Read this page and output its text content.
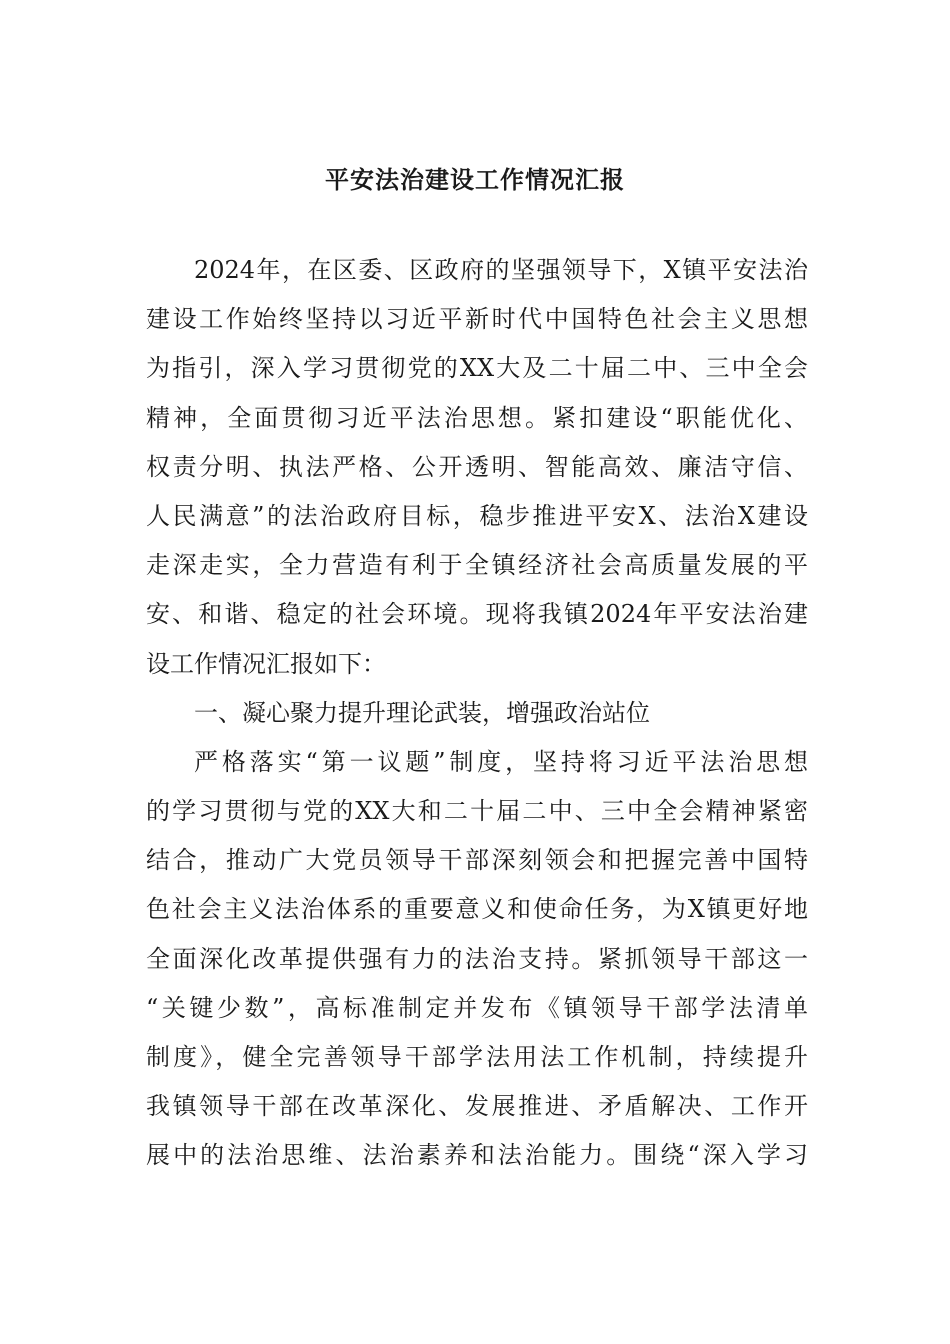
平安法治建设工作情况汇报
2024年，在区委、区政府的坚强领导下，X镇平安法治
建设工作始终坚持以习近平新时代中国特色社会主义思想
为指引，深入学习贯彻党的XX大及二十届二中、三中全会
精神，全面贯彻习近平法治思想。紧扣建设“职能优化、
权责分明、执法严格、公开透明、智能高效、廉洁守信、
人民满意”的法治政府目标，稳步推进平安X、法治X建设
走深走实，全力营造有利于全镇经济社会高质量发展的平
安、和谐、稳定的社会环境。现将我镇2024年平安法治建
设工作情况汇报如下：
一、凝心聚力提升理论武装，增强政治站位
严格落实“第一议题”制度，坚持将习近平法治思想
的学习贯彻与党的XX大和二十届二中、三中全会精神紧密
结合，推动广大党员领导干部深刻领会和把握完善中国特
色社会主义法治体系的重要意义和使命任务，为X镇更好地
全面深化改革提供强有力的法治支持。紧抓领导干部这一
“关键少数”，高标准制定并发布《镇领导干部学法清单
制度》，健全完善领导干部学法用法工作机制，持续提升
我镇领导干部在改革深化、发展推进、矛盾解决、工作开
展中的法治思维、法治素养和法治能力。围绕“深入学习
